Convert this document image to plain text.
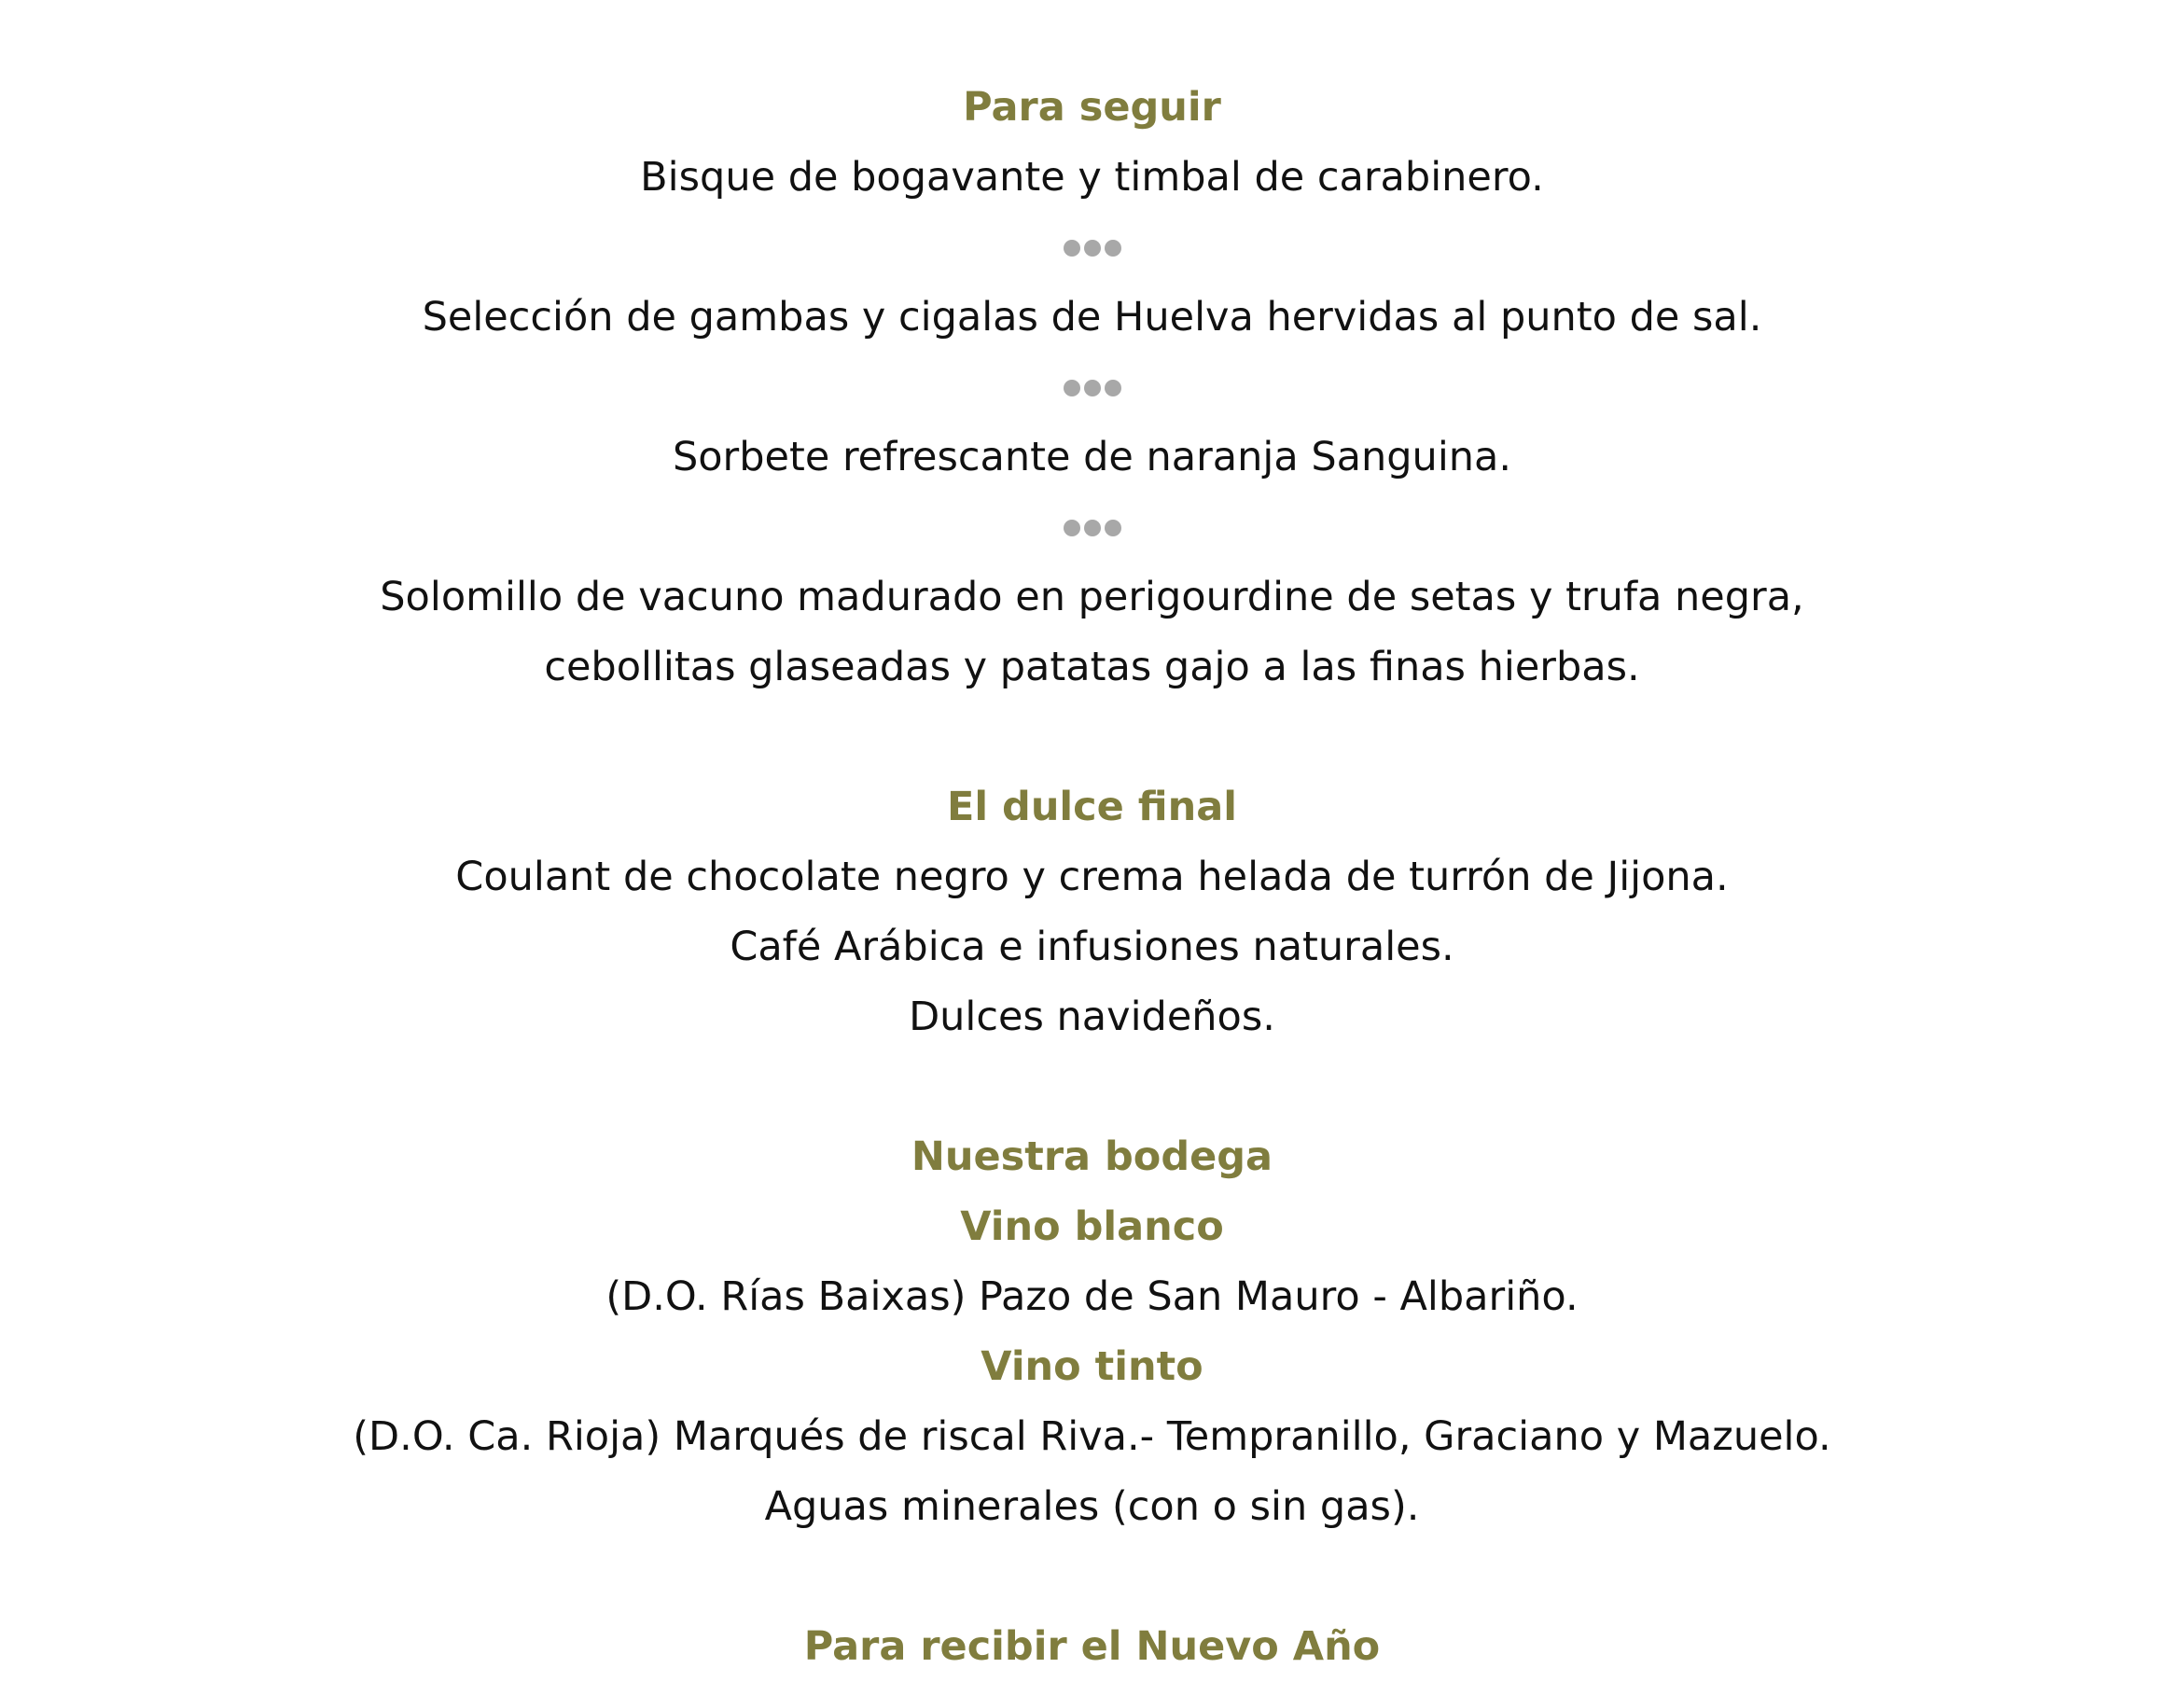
Para seguir
Bisque de bogavante y timbal de carabinero.
Selección de gambas y cigalas de Huelva hervidas al punto de sal.
Sorbete refrescante de naranja Sanguina.
Solomillo de vacuno madurado en perigourdine de setas y trufa negra,
cebollitas glaseadas y patatas gajo a las finas hierbas.
El dulce final
Coulant de chocolate negro y crema helada de turrón de Jijona.
Café Arábica e infusiones naturales.
Dulces navideños.
Nuestra bodega
Vino blanco
(D.O. Rías Baixas) Pazo de San Mauro - Albariño.
Vino tinto
(D.O. Ca. Rioja) Marqués de riscal Riva.- Tempranillo, Graciano y Mazuelo.
Aguas minerales (con o sin gas).
Para recibir el Nuevo Año
